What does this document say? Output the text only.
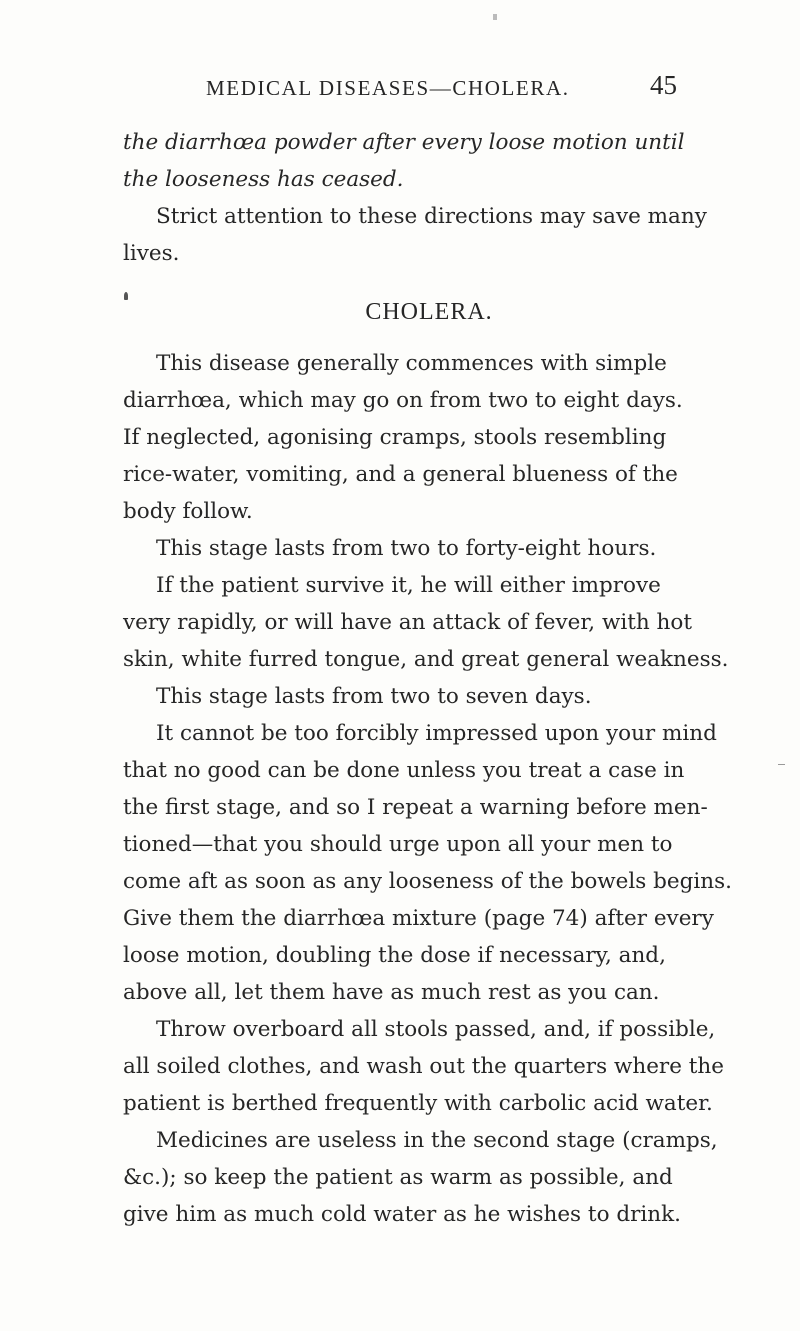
MEDICAL DISEASES—CHOLERA.	45
the diarrhœa powder after every loose motion until
the looseness has ceased.
Strict attention to these directions may save many
lives.
CHOLERA.
This disease generally commences with simple
diarrhœa, which may go on from two to eight days.
If neglected, agonising cramps, stools resembling
rice-water, vomiting, and a general blueness of the
body follow.
This stage lasts from two to forty-eight hours.
If the patient survive it, he will either improve
very rapidly, or will have an attack of fever, with hot
skin, white furred tongue, and great general weakness.
This stage lasts from two to seven days.
It cannot be too forcibly impressed upon your mind
that no good can be done unless you treat a case in
the first stage, and so I repeat a warning before men-
tioned—that you should urge upon all your men to
come aft as soon as any looseness of the bowels begins.
Give them the diarrhœa mixture (page 74) after every
loose motion, doubling the dose if necessary, and,
above all, let them have as much rest as you can.
Throw overboard all stools passed, and, if possible,
all soiled clothes, and wash out the quarters where the
patient is berthed frequently with carbolic acid water.
Medicines are useless in the second stage (cramps,
&c.); so keep the patient as warm as possible, and
give him as much cold water as he wishes to drink.
